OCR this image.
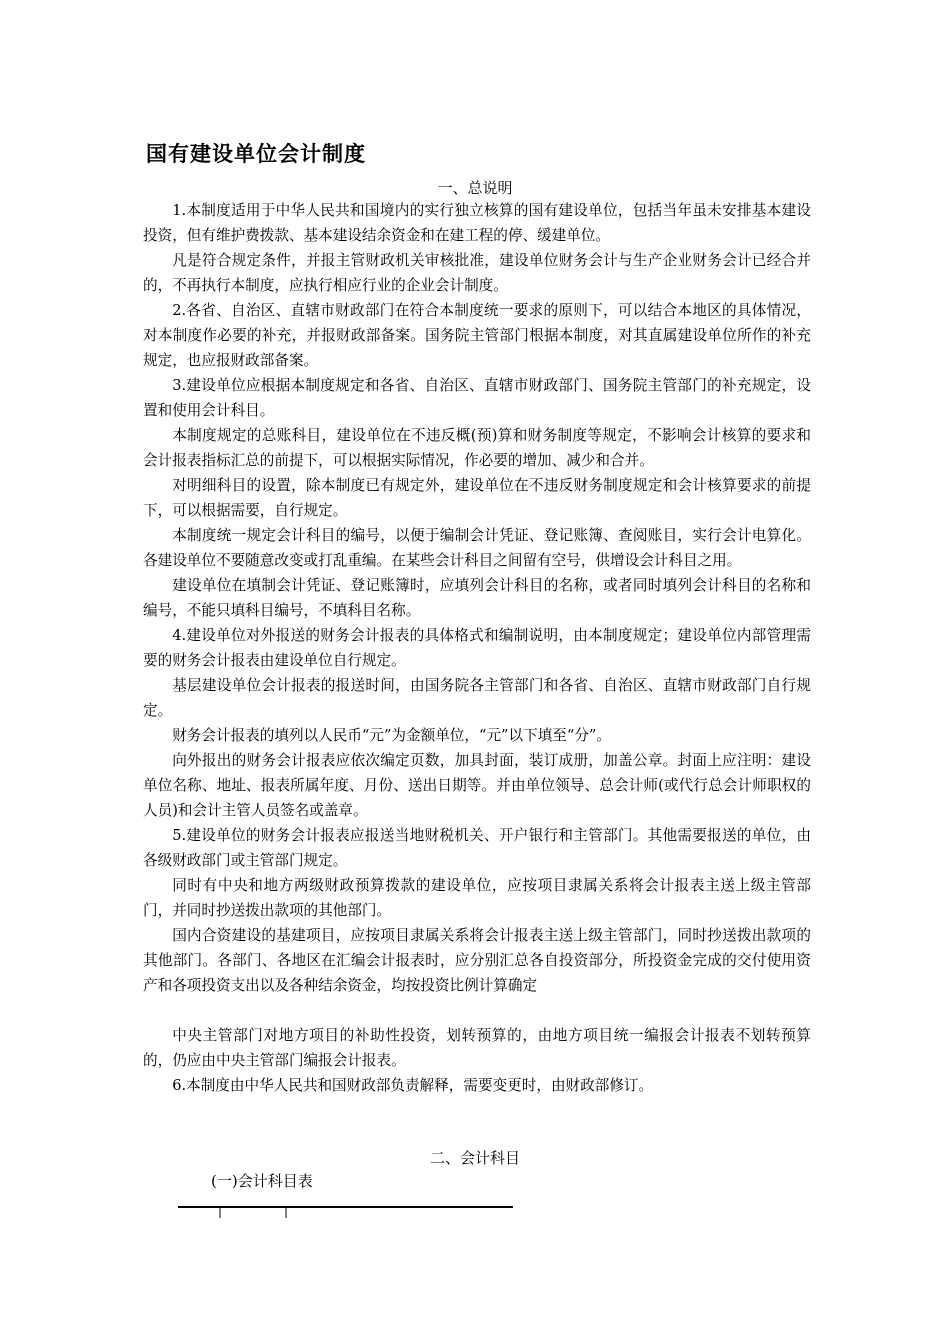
国有建设单位会计制度
一、总说明

1.本制度适用于中华人民共和国境内的实行独立核算的国有建设单位，包括当年虽未安排基本建设投资，但有维护费拨款、基本建设结余资金和在建工程的停、缓建单位。

凡是符合规定条件，并报主管财政机关审核批准，建设单位财务会计与生产企业财务会计已经合并的，不再执行本制度，应执行相应行业的企业会计制度。

2.各省、自治区、直辖市财政部门在符合本制度统一要求的原则下，可以结合本地区的具体情况，对本制度作必要的补充，并报财政部备案。国务院主管部门根据本制度，对其直属建设单位所作的补充规定，也应报财政部备案。

3.建设单位应根据本制度规定和各省、自治区、直辖市财政部门、国务院主管部门的补充规定，设置和使用会计科目。

本制度规定的总账科目，建设单位在不违反概(预)算和财务制度等规定，不影响会计核算的要求和会计报表指标汇总的前提下，可以根据实际情况，作必要的增加、减少和合并。

对明细科目的设置，除本制度已有规定外，建设单位在不违反财务制度规定和会计核算要求的前提下，可以根据需要，自行规定。

本制度统一规定会计科目的编号，以便于编制会计凭证、登记账簿、查阅账目，实行会计电算化。各建设单位不要随意改变或打乱重编。在某些会计科目之间留有空号，供增设会计科目之用。

建设单位在填制会计凭证、登记账簿时，应填列会计科目的名称，或者同时填列会计科目的名称和编号，不能只填科目编号，不填科目名称。

4.建设单位对外报送的财务会计报表的具体格式和编制说明，由本制度规定；建设单位内部管理需要的财务会计报表由建设单位自行规定。

基层建设单位会计报表的报送时间，由国务院各主管部门和各省、自治区、直辖市财政部门自行规定。

财务会计报表的填列以人民币“元”为金额单位，“元”以下填至“分”。

向外报出的财务会计报表应依次编定页数，加具封面，装订成册，加盖公章。封面上应注明：建设单位名称、地址、报表所属年度、月份、送出日期等。并由单位领导、总会计师(或代行总会计师职权的人员)和会计主管人员签名或盖章。

5.建设单位的财务会计报表应报送当地财税机关、开户银行和主管部门。其他需要报送的单位，由各级财政部门或主管部门规定。

同时有中央和地方两级财政预算拨款的建设单位，应按项目隶属关系将会计报表主送上级主管部门，并同时抄送拨出款项的其他部门。

国内合资建设的基建项目，应按项目隶属关系将会计报表主送上级主管部门，同时抄送拨出款项的其他部门。各部门、各地区在汇编会计报表时，应分别汇总各自投资部分，所投资金完成的交付使用资产和各项投资支出以及各种结余资金，均按投资比例计算确定

中央主管部门对地方项目的补助性投资，划转预算的，由地方项目统一编报会计报表不划转预算的，仍应由中央主管部门编报会计报表。

6.本制度由中华人民共和国财政部负责解释，需要变更时，由财政部修订。

二、会计科目
(一)会计科目表
